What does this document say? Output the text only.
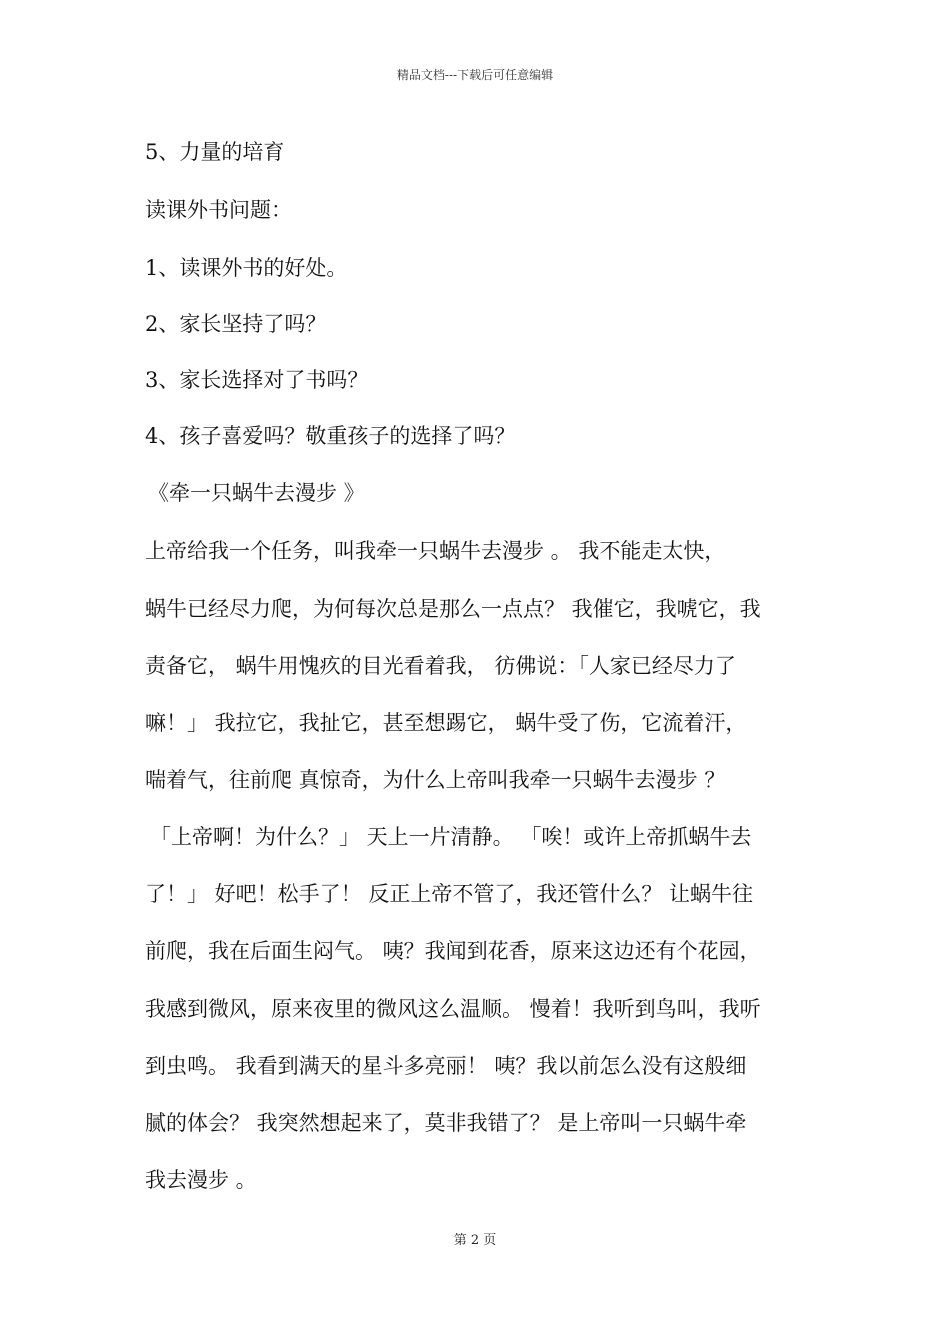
精品文档---下载后可任意编辑
5、力量的培育
读课外书问题：
1、读课外书的好处。
2、家长坚持了吗？
3、家长选择对了书吗？
4、孩子喜爱吗？敬重孩子的选择了吗？
《牵一只蜗牛去漫步 》
上帝给我一个任务，叫我牵一只蜗牛去漫步 。 我不能走太快，
蜗牛已经尽力爬，为何每次总是那么一点点？ 我催它，我唬它，我
责备它， 蜗牛用愧疚的目光看着我， 彷佛说：「人家已经尽力了
嘛！」 我拉它，我扯它，甚至想踢它， 蜗牛受了伤，它流着汗，
喘着气，往前爬 真惊奇，为什么上帝叫我牵一只蜗牛去漫步 ？
「上帝啊！为什么？」 天上一片清静。 「唉！或许上帝抓蜗牛去
了！」 好吧！松手了！ 反正上帝不管了，我还管什么？ 让蜗牛往
前爬，我在后面生闷气。 咦？我闻到花香，原来这边还有个花园，
我感到微风，原来夜里的微风这么温顺。 慢着！我听到鸟叫，我听
到虫鸣。 我看到满天的星斗多亮丽！ 咦？我以前怎么没有这般细
腻的体会？ 我突然想起来了，莫非我错了？ 是上帝叫一只蜗牛牵
我去漫步 。
第 2 页
